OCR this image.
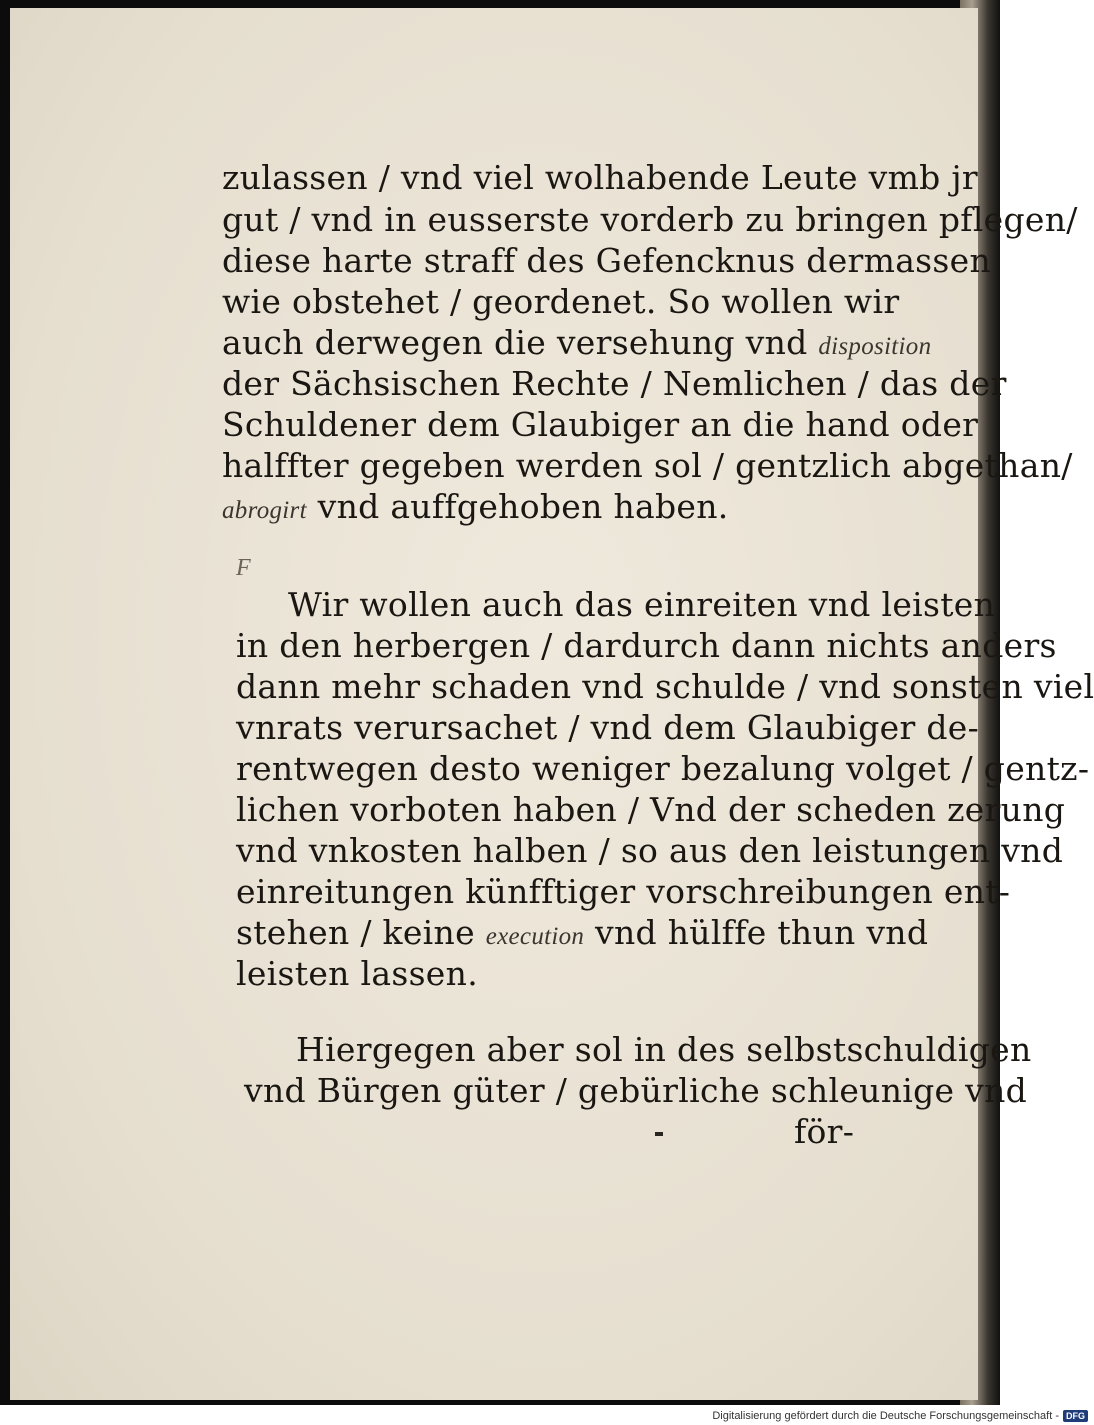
zulassen / vnd viel wolhabende Leute vmb jr
gut / vnd in eusserste vorderb zu bringen pflegen/
diese harte straff des Gefencknus dermassen
wie obstehet / geordenet. So wollen wir
auch derwegen die versehung vnd disposition
der Sächsischen Rechte / Nemlichen / das der
Schuldener dem Glaubiger an die hand oder
halffter gegeben werden sol / gentzlich abgethan/
abrogirt vnd auffgehoben haben.
F
Wir wollen auch das einreiten vnd leisten
in den herbergen / dardurch dann nichts anders
dann mehr schaden vnd schulde / vnd sonsten viel
vnrats verursachet / vnd dem Glaubiger de-
rentwegen desto weniger bezalung volget / gentz-
lichen vorboten haben / Vnd der scheden zerung
vnd vnkosten halben / so aus den leistungen vnd
einreitungen künfftiger vorschreibungen ent-
stehen / keine execution vnd hülffe thun vnd
leisten lassen.
Hiergegen aber sol in des selbstschuldigen
vnd Bürgen güter / gebürliche schleunige vnd
för-
Digitalisierung gefördert durch die Deutsche Forschungsgemeinschaft - DFG
